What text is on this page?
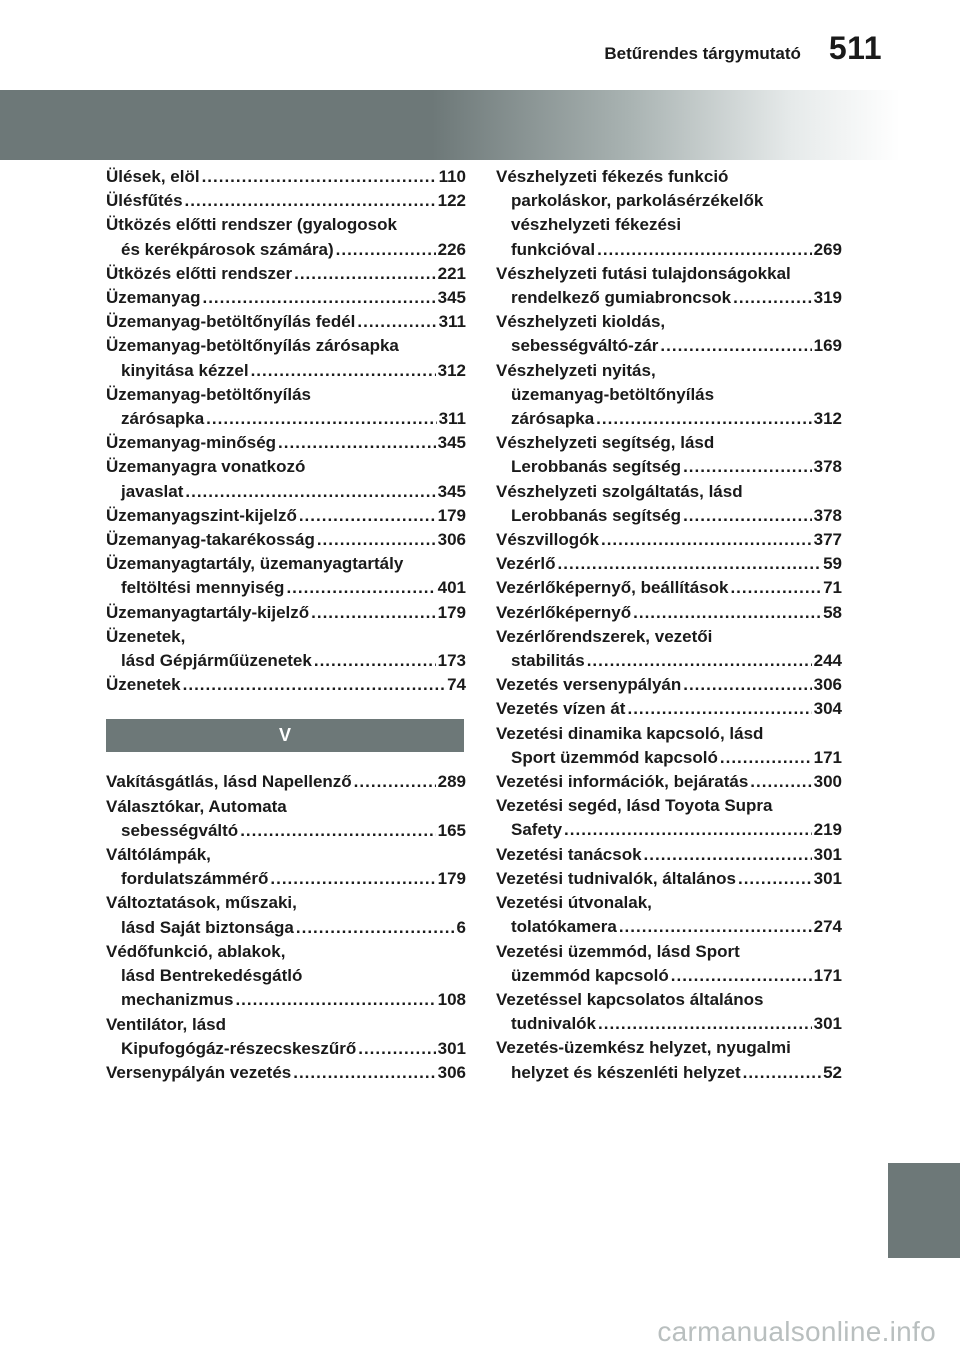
Betűrendes tárgymutató 511
Ülések, elöl .....	110
Ülésfűtés .....	122
Ütközés előtti rendszer (gyalogosok
és kerékpárosok számára) .....	226
Ütközés előtti rendszer .....	221
Üzemanyag .....	345
Üzemanyag-betöltőnyílás fedél .....	311
Üzemanyag-betöltőnyílás zárósapka
kinyitása kézzel .....	312
Üzemanyag-betöltőnyílás
zárósapka .....	311
Üzemanyag-minőség .....	345
Üzemanyagra vonatkozó
javaslat .....	345
Üzemanyagszint-kijelző .....	179
Üzemanyag-takarékosság .....	306
Üzemanyagtartály, üzemanyagtartály
feltöltési mennyiség .....	401
Üzemanyagtartály-kijelző .....	179
Üzenetek,
lásd Gépjárműüzenetek .....	173
Üzenetek .....	74
V
Vakításgátlás, lásd Napellenző .....	289
Választókar, Automata
sebességváltó .....	165
Váltólámpák,
fordulatszámmérő .....	179
Változtatások, műszaki,
lásd Saját biztonsága .....	6
Védőfunkció, ablakok,
lásd Bentrekedésgátló
mechanizmus .....	108
Ventilátor, lásd
Kipufogógáz-részecskeszűrő .....	301
Versenypályán vezetés .....	306
Vészhelyzeti fékezés funkció
parkoláskor, parkolásérzékelők
vészhelyzeti fékezési
funkcióval .....	269
Vészhelyzeti futási tulajdonságokkal
rendelkező gumiabroncsok .....	319
Vészhelyzeti kioldás,
sebességváltó-zár .....	169
Vészhelyzeti nyitás,
üzemanyag-betöltőnyílás
zárósapka .....	312
Vészhelyzeti segítség, lásd
Lerobbanás segítség .....	378
Vészhelyzeti szolgáltatás, lásd
Lerobbanás segítség .....	378
Vészvillogók .....	377
Vezérlő .....	59
Vezérlőképernyő, beállítások .....	71
Vezérlőképernyő .....	58
Vezérlőrendszerek, vezetői
stabilitás .....	244
Vezetés versenypályán .....	306
Vezetés vízen át .....	304
Vezetési dinamika kapcsoló, lásd
Sport üzemmód kapcsoló .....	171
Vezetési információk, bejáratás .....	300
Vezetési segéd, lásd Toyota Supra
Safety .....	219
Vezetési tanácsok .....	301
Vezetési tudnivalók, általános .....	301
Vezetési útvonalak,
tolatókamera .....	274
Vezetési üzemmód, lásd Sport
üzemmód kapcsoló .....	171
Vezetéssel kapcsolatos általános
tudnivalók .....	301
Vezetés-üzemkész helyzet, nyugalmi
helyzet és készenléti helyzet .....	52
carmanualsonline.info
